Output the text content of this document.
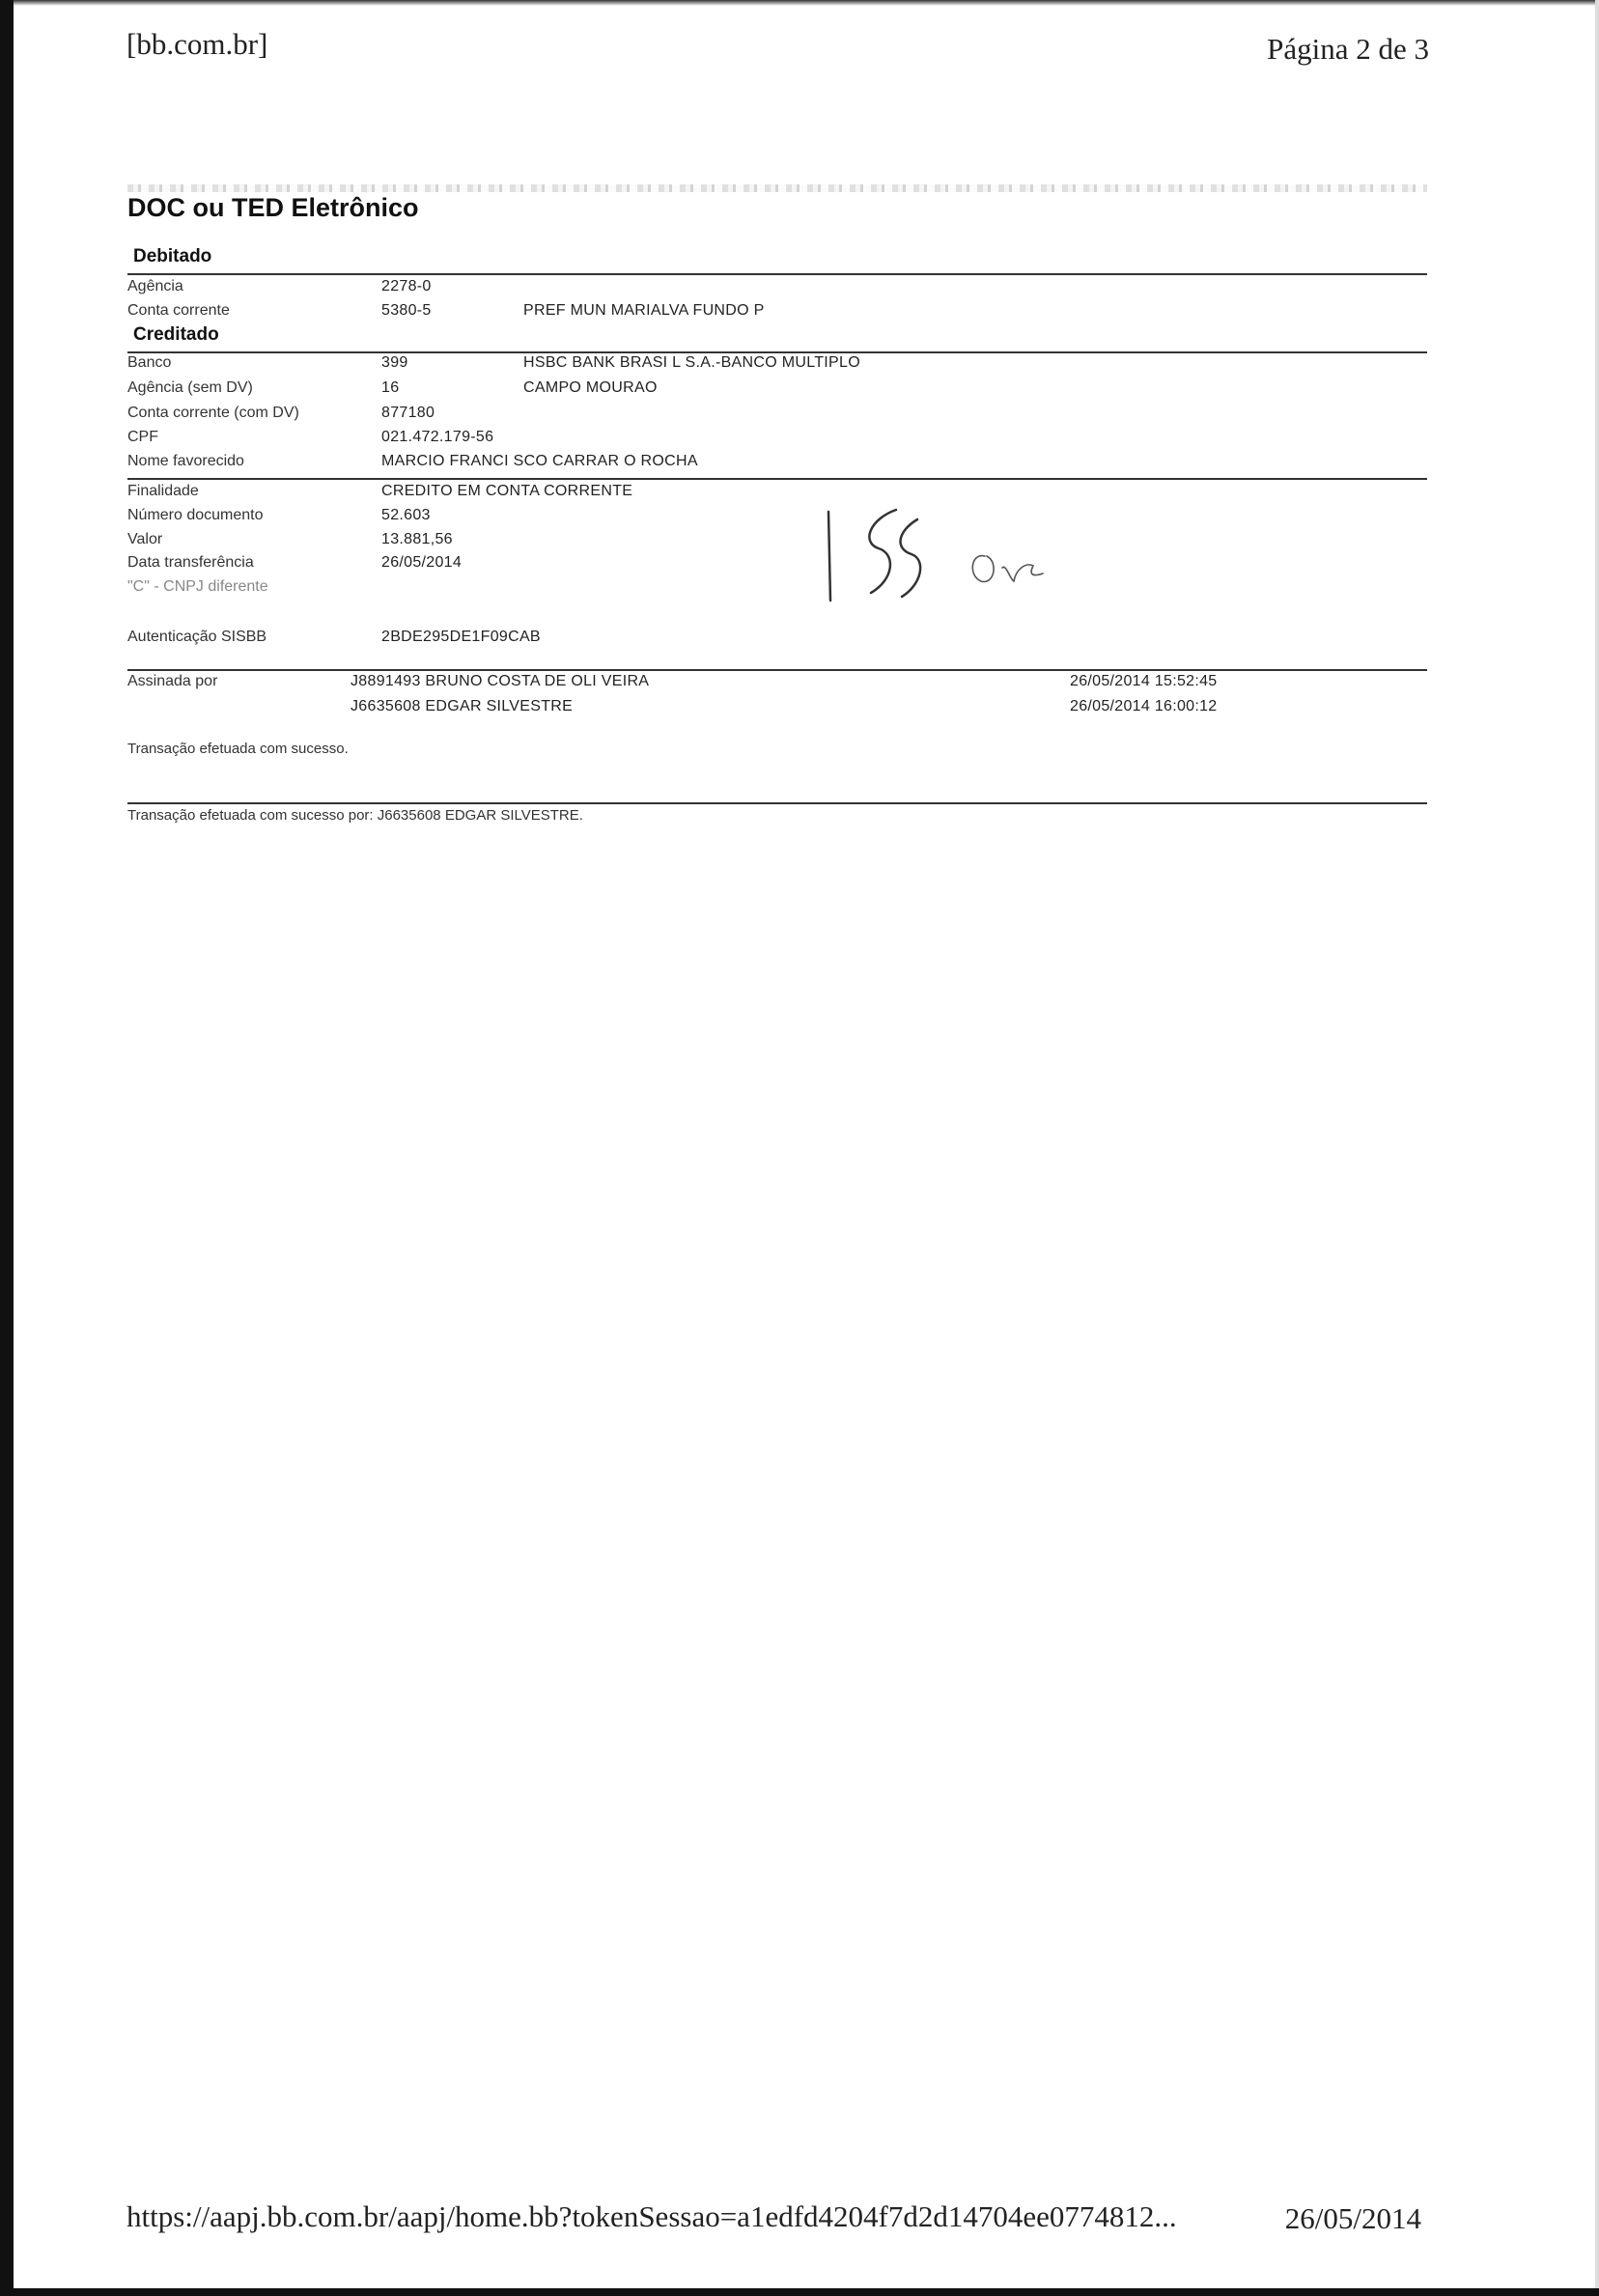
[bb.com.br]	Página 2 de 3
DOC ou TED Eletrônico
Debitado
Agência	2278-0
Conta corrente	5380-5	PREF MUN MARIALVA FUNDO P
Creditado
Banco	399	HSBC BANK BRASI L S.A.-BANCO MULTIPLO
Agência (sem DV)	16	CAMPO MOURAO
Conta corrente (com DV)	877180
CPF	021.472.179-56
Nome favorecido	MARCIO FRANCI SCO CARRAR O ROCHA
Finalidade	CREDITO EM CONTA CORRENTE
Número documento	52.603
Valor	13.881,56
Data transferência	26/05/2014
"C" - CNPJ diferente
Autenticação SISBB	2BDE295DE1F09CAB
Assinada por	J8891493 BRUNO COSTA DE OLI VEIRA	26/05/2014 15:52:45
J6635608 EDGAR SILVESTRE	26/05/2014 16:00:12
Transação efetuada com sucesso.
Transação efetuada com sucesso por: J6635608 EDGAR SILVESTRE.
https://aapj.bb.com.br/aapj/home.bb?tokenSessao=a1edfd4204f7d2d14704ee0774812...	26/05/2014
